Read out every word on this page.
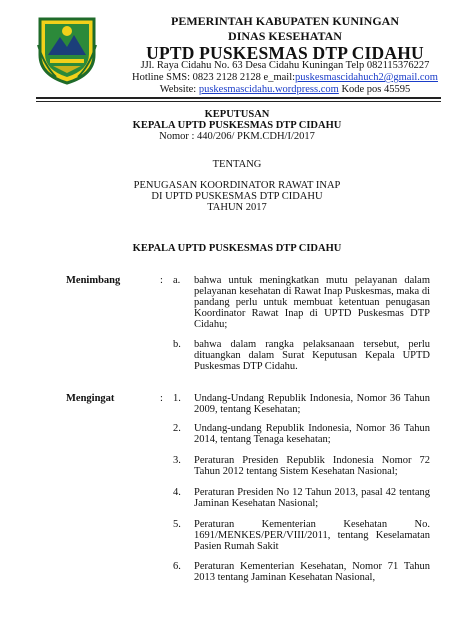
PEMERINTAH KABUPATEN KUNINGAN
DINAS KESEHATAN
UPTD PUSKESMAS DTP CIDAHU
JJl. Raya Cidahu No. 63 Desa Cidahu Kuningan Telp 082115376227
Hotline SMS: 0823 2128 2128 e_mail:puskesmascidahuch2@gmail.com
Website: puskesmascidahu.wordpress.com Kode pos 45595
KEPUTUSAN
KEPALA UPTD PUSKESMAS DTP CIDAHU
Nomor : 440/206/ PKM.CDH/I/2017
TENTANG
PENUGASAN KOORDINATOR RAWAT INAP
DI UPTD PUSKESMAS DTP CIDAHU
TAHUN 2017
KEPALA UPTD PUSKESMAS DTP CIDAHU
Menimbang	: a. bahwa untuk meningkatkan mutu pelayanan dalam pelayanan kesehatan di Rawat Inap Puskesmas, maka di pandang perlu untuk membuat ketentuan penugasan Koordinator Rawat Inap di UPTD Puskesmas DTP Cidahu;
b. bahwa dalam rangka pelaksanaan tersebut, perlu dituangkan dalam Surat Keputusan Kepala UPTD Puskesmas DTP Cidahu.
Mengingat	: 1. Undang-Undang Republik Indonesia, Nomor 36 Tahun 2009, tentang Kesehatan;
2. Undang-undang Republik Indonesia, Nomor 36 Tahun 2014, tentang Tenaga kesehatan;
3. Peraturan Presiden Republik Indonesia Nomor 72 Tahun 2012 tentang Sistem Kesehatan Nasional;
4. Peraturan Presiden No 12 Tahun 2013, pasal 42 tentang Jaminan Kesehatan Nasional;
5. Peraturan Kementerian Kesehatan No. 1691/MENKES/PER/VIII/2011, tentang Keselamatan Pasien Rumah Sakit
6. Peraturan Kementerian Kesehatan, Nomor 71 Tahun 2013 tentang Jaminan Kesehatan Nasional,
